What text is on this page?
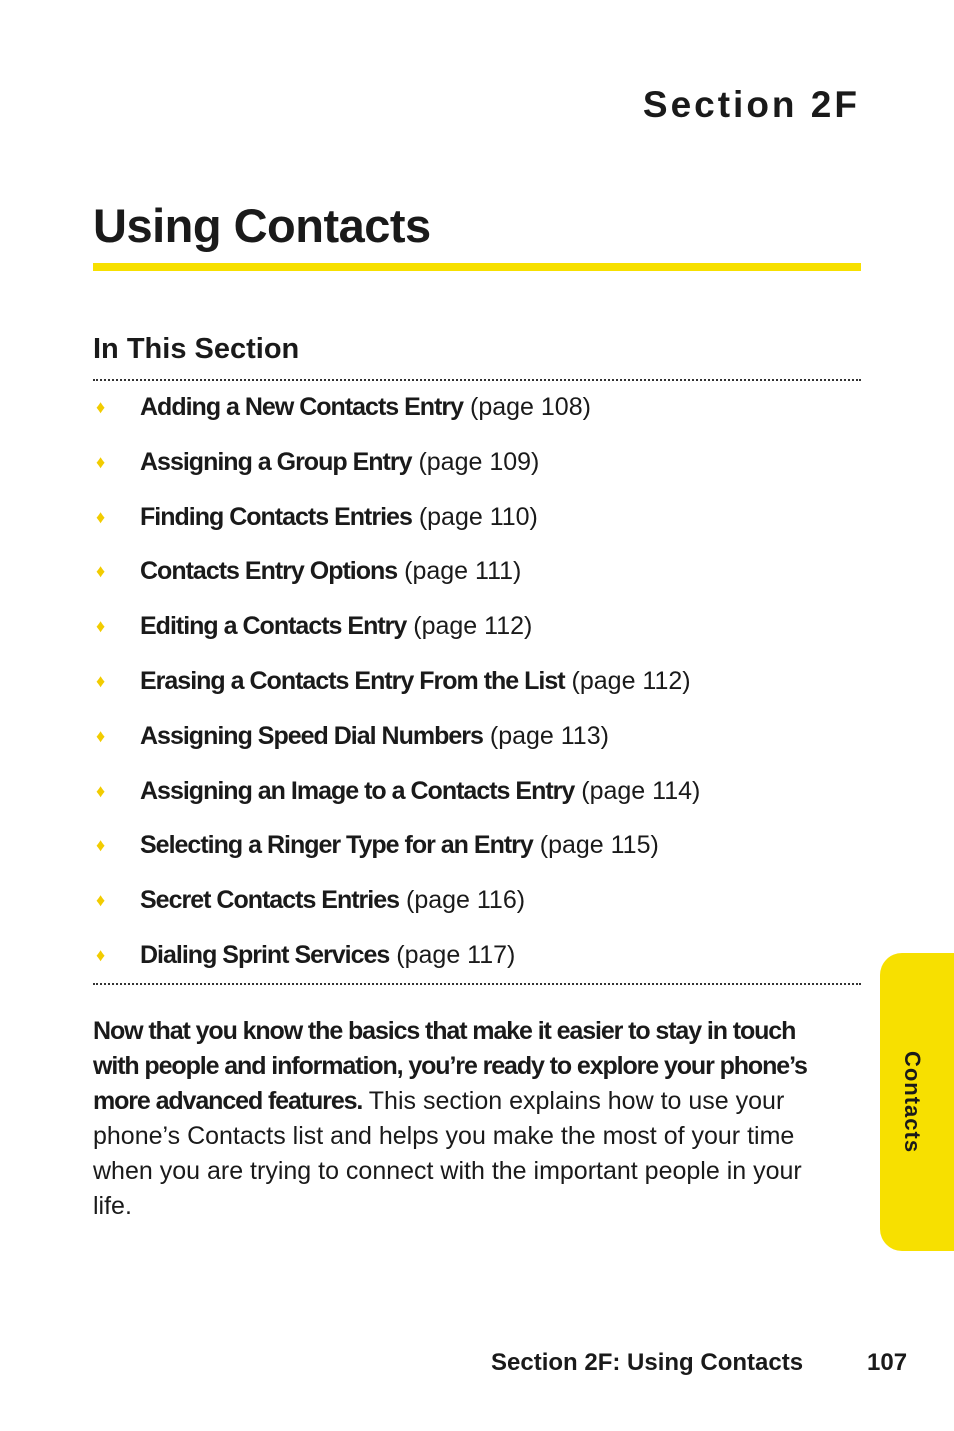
Section 2F
Using Contacts
In This Section
♦	Adding a New Contacts Entry (page 108)
♦	Assigning a Group Entry (page 109)
♦	Finding Contacts Entries (page 110)
♦	Contacts Entry Options (page 111)
♦	Editing a Contacts Entry (page 112)
♦	Erasing a Contacts Entry From the List (page 112)
♦	Assigning Speed Dial Numbers (page 113)
♦	Assigning an Image to a Contacts Entry (page 114)
♦	Selecting a Ringer Type for an Entry (page 115)
♦	Secret Contacts Entries (page 116)
♦	Dialing Sprint Services (page 117)

Now that you know the basics that make it easier to stay in touch with people and information, you’re ready to explore your phone’s more advanced features. This section explains how to use your phone’s Contacts list and helps you make the most of your time when you are trying to connect with the important people in your life.

Contacts
Section 2F: Using Contacts	107
